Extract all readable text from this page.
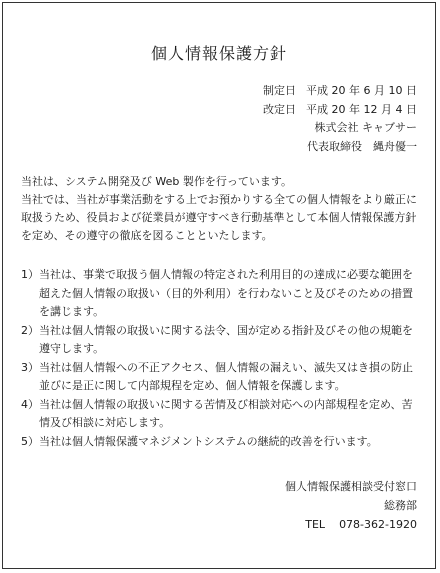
個人情報保護方針
制定日 平成 20 年 6 月 10 日
改定日 平成 20 年 12 月 4 日
株式会社 キャブサー
代表取締役　縄舟優一

当社は、システム開発及び Web 製作を行っています。

当社では、当社が事業活動をする上でお預かりする全ての個人情報をより厳正に取扱うため、役員および従業員が遵守すべき行動基準として本個人情報保護方針を定め、その遵守の徹底を図ることといたします。

1） 当社は、事業で取扱う個人情報の特定された利用目的の達成に必要な範囲を超えた個人情報の取扱い（目的外利用）を行わないこと及びそのための措置を講じます。
2） 当社は個人情報の取扱いに関する法令、国が定める指針及びその他の規範を遵守します。
3） 当社は個人情報への不正アクセス、個人情報の漏えい、滅失又はき損の防止並びに是正に関して内部規程を定め、個人情報を保護します。
4） 当社は個人情報の取扱いに関する苦情及び相談対応への内部規程を定め、苦情及び相談に対応します。
5） 当社は個人情報保護マネジメントシステムの継続的改善を行います。
個人情報保護相談受付窓口
総務部
TEL 078-362-1920
